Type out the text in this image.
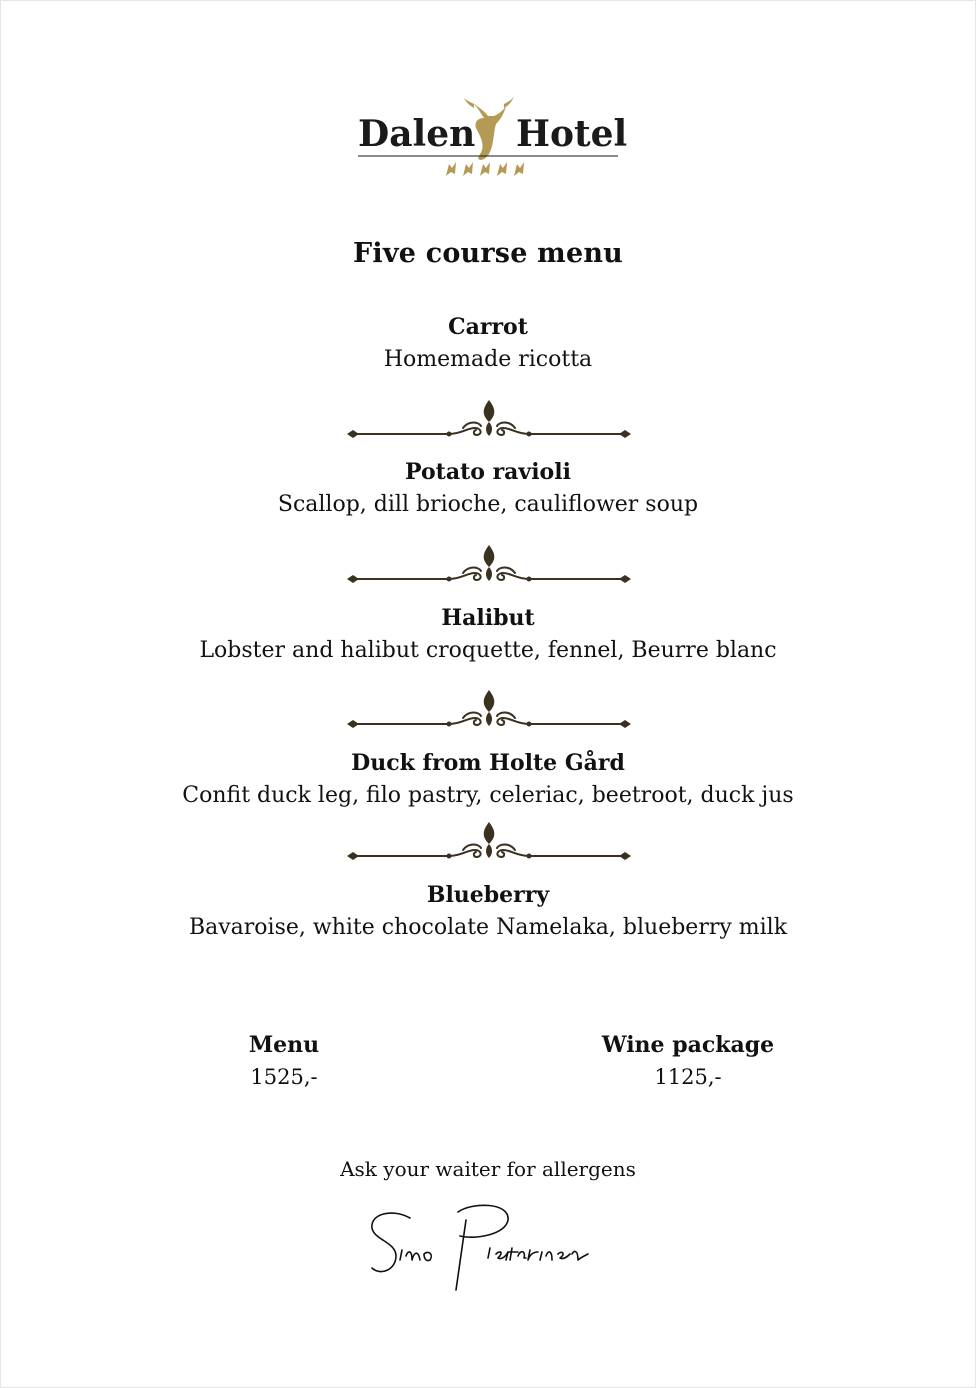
Dalen Hotel
Five course menu
Carrot
Homemade ricotta
Potato ravioli
Scallop, dill brioche, cauliflower soup
Halibut
Lobster and halibut croquette, fennel, Beurre blanc
Duck from Holte Gård
Confit duck leg, filo pastry, celeriac, beetroot, duck jus
Blueberry
Bavaroise, white chocolate Namelaka, blueberry milk
Menu
1525,-
Wine package
1125,-
Ask your waiter for allergens
Simo Pietarinen
